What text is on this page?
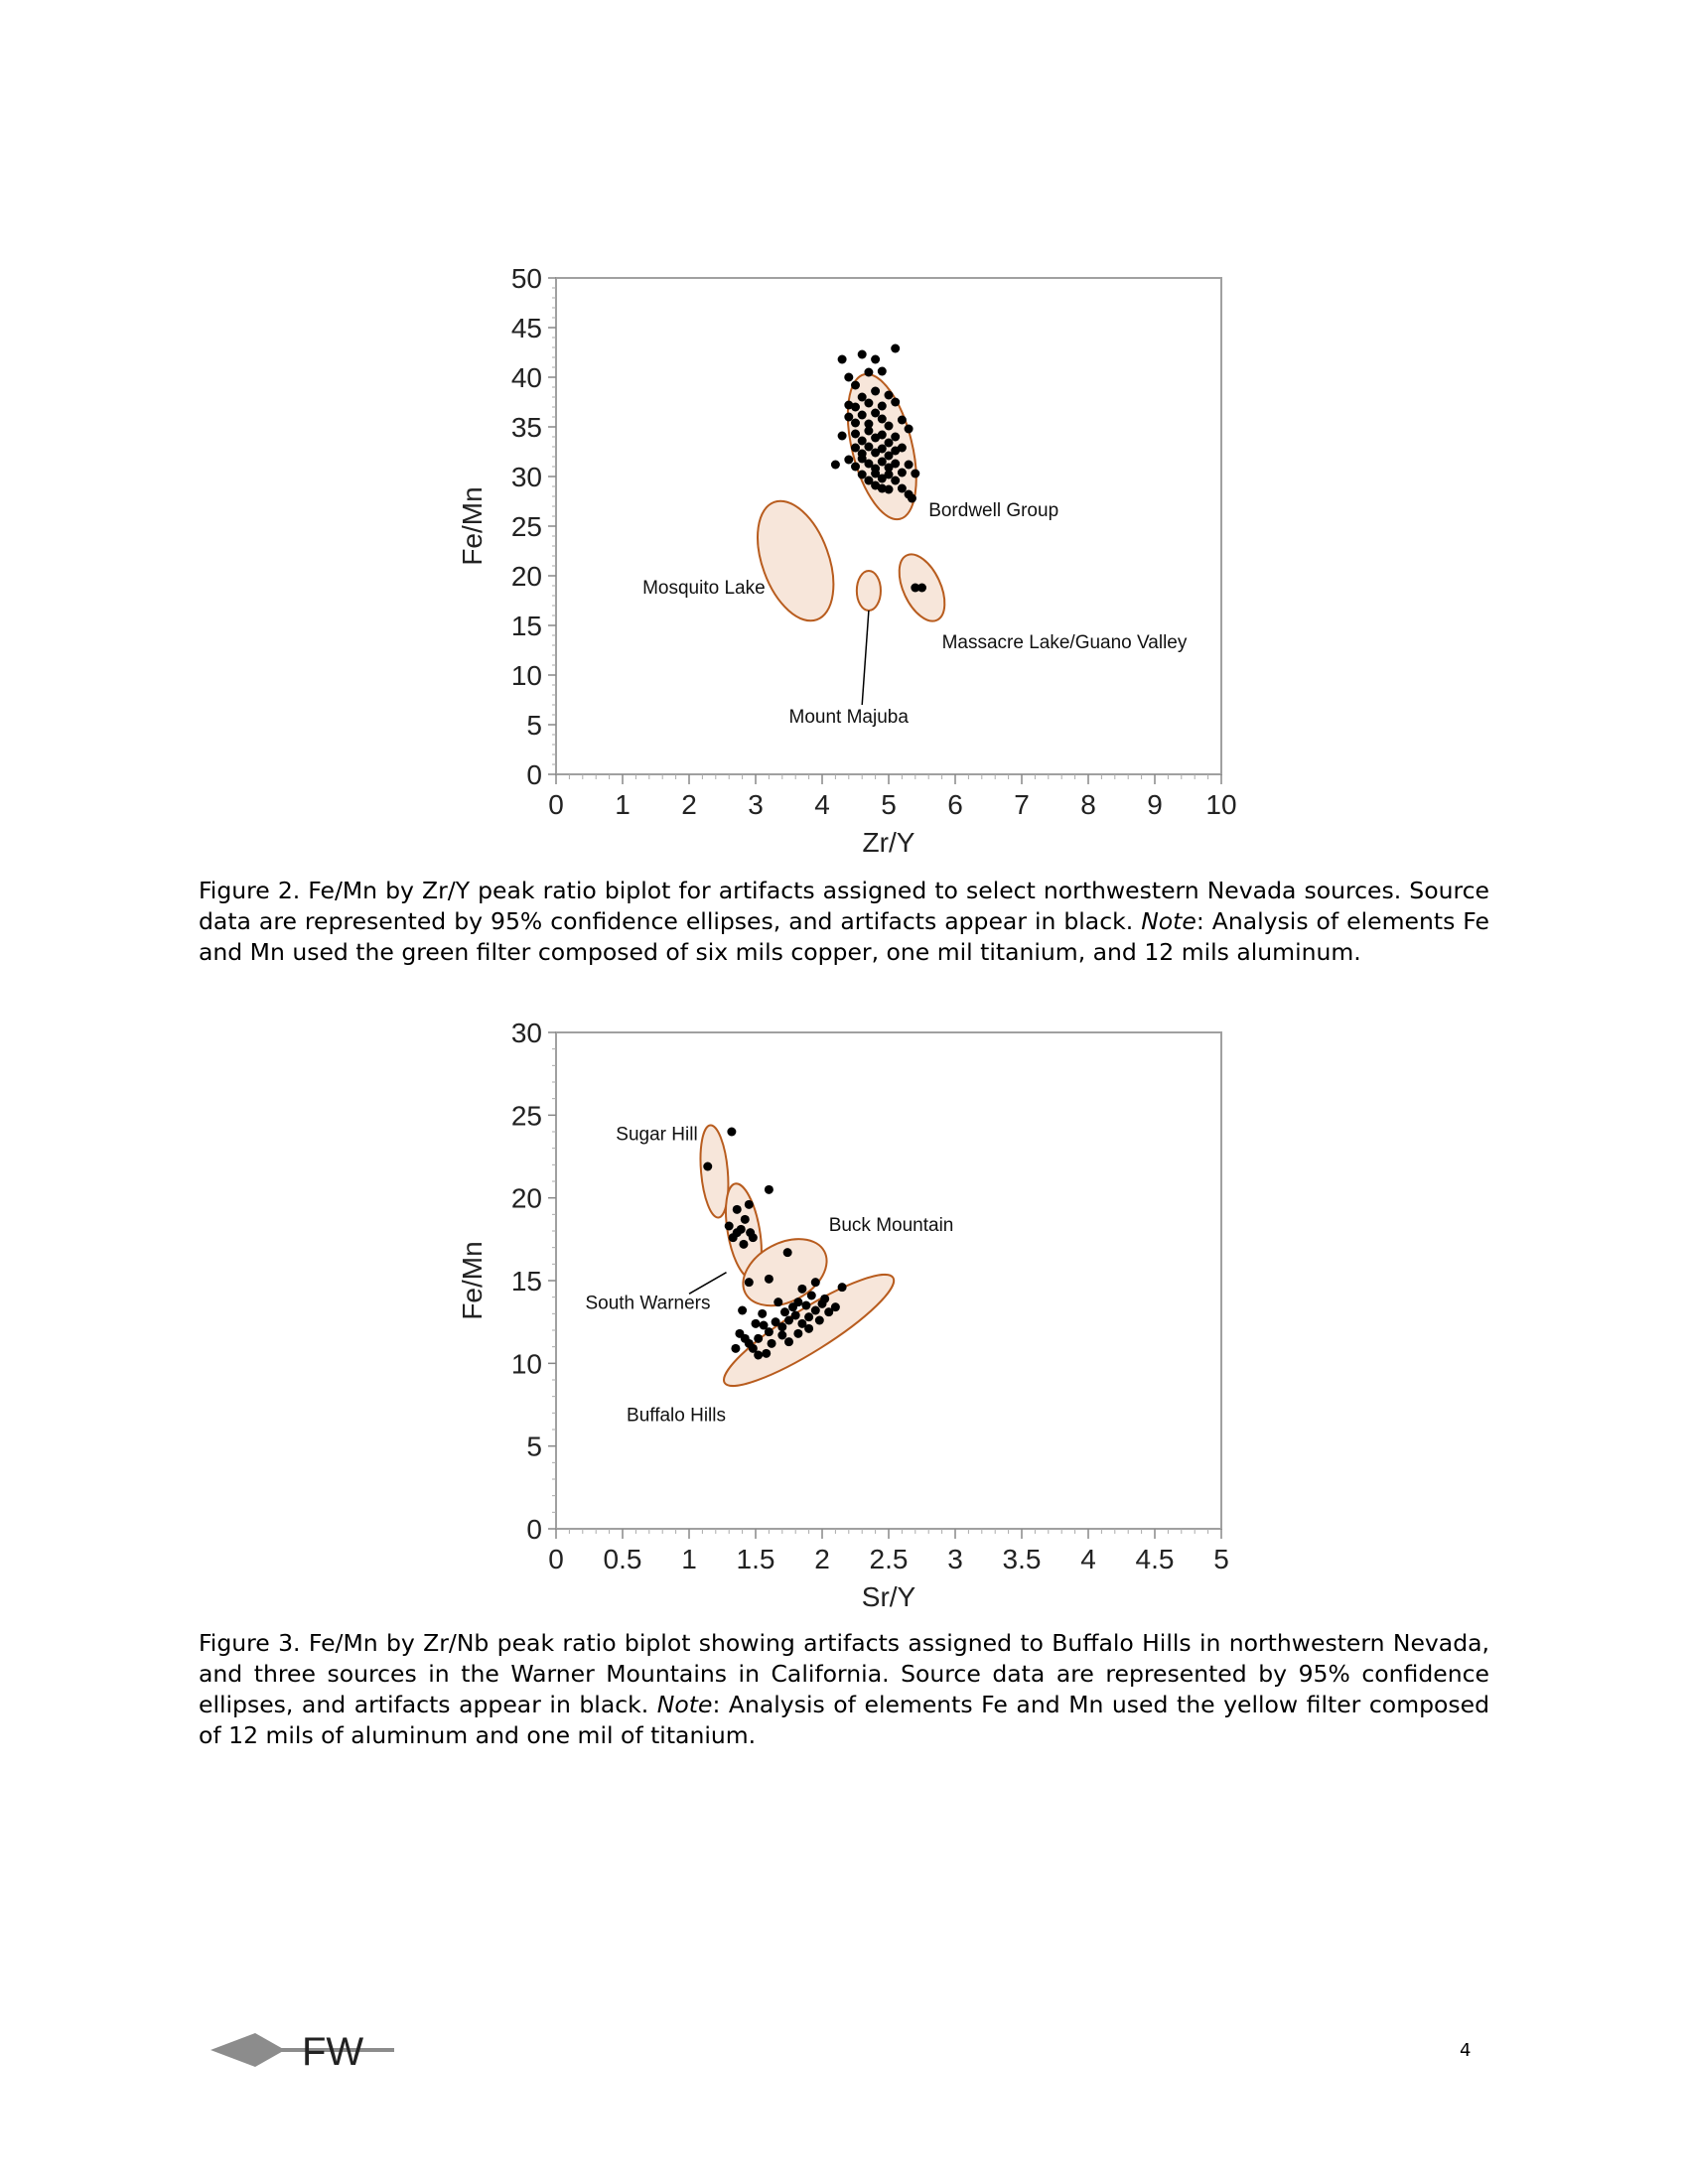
0
5
10
15
20
25
30
35
40
45
50
0 1 2 3 4 5 6 7 8 9 10
Zr/Y
Fe/Mn	Bordwell Group
Mosquito Lake
Massacre Lake/Guano Valley
Mount Majuba
Figure 2. Fe/Mn by Zr/Y peak ratio biplot for artifacts assigned to select northwestern Nevada sources. Source data are represented by 95% confidence ellipses, and artifacts appear in black. Note: Analysis of elements Fe and Mn used the green filter composed of six mils copper, one mil titanium, and 12 mils aluminum.
0
5
10
15
20
25
30
0 0.5 1 1.5 2 2.5 3 3.5 4 4.5 5
Sr/Y
Fe/Mn
Sugar Hill
Buck Mountain
South Warners
Buffalo Hills
Figure 3. Fe/Mn by Zr/Nb peak ratio biplot showing artifacts assigned to Buffalo Hills in northwestern Nevada, and three sources in the Warner Mountains in California. Source data are represented by 95% confidence ellipses, and artifacts appear in black. Note: Analysis of elements Fe and Mn used the yellow filter composed of 12 mils of aluminum and one mil of titanium.
FW	4
